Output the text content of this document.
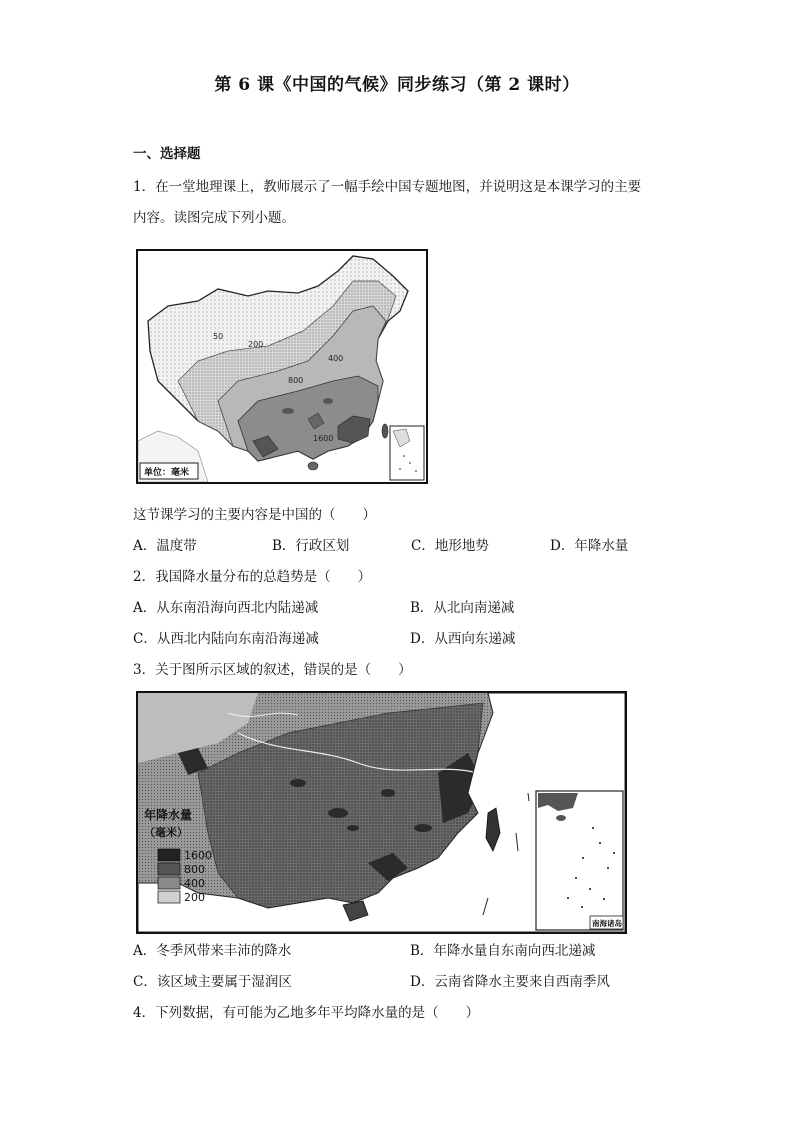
第 6 课《中国的气候》同步练习（第 2 课时）
一、选择题
1．在一堂地理课上，教师展示了一幅手绘中国专题地图，并说明这是本课学习的主要
内容。读图完成下列小题。
50
200
400
800
1600
单位：毫米
这节课学习的主要内容是中国的（　　）
A．温度带	B．行政区划	C．地形地势	D．年降水量
2．我国降水量分布的总趋势是（　　）
A．从东南沿海向西北内陆递减	B．从北向南递减
C．从西北内陆向东南沿海递减	D．从西向东递减
3．关于图所示区域的叙述，错误的是（　　）
年降水量
（毫米）
1600
800
400
200
南海诸岛
A．冬季风带来丰沛的降水	B．年降水量自东南向西北递减
C．该区域主要属于湿润区	D．云南省降水主要来自西南季风
4．下列数据，有可能为乙地多年平均降水量的是（　　）
